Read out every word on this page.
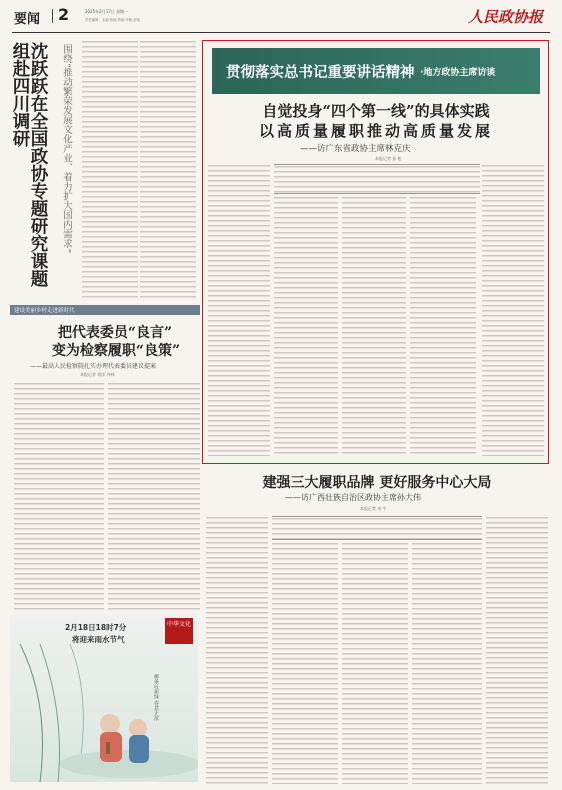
要闻 2	2025年2月17日 星期一
责任编辑：宋嘉 张晓 曾丽 乔敏 彭瑶	人民政协报
沈跃跃在全国政协专题研究课题组赴四川调研	围绕“推动繁荣发展文化产业、着力扩大国内需求”
建设美丽乡村走进新时代
把代表委员“良言”
变为检察履职“良策”
——最高人民检察院扎实办理代表委员建议提案
本报记者 刘洋 齐林
2月18日18时7分
将迎来雨水节气
中华文化
柳条吐新绿 春意正浓
贯彻落实总书记重要讲话精神 ·地方政协主席访谈
自觉投身“四个第一线”的具体实践
以高质量履职推动高质量发展
——访广东省政协主席林克庆
本报记者 孙 松
建强三大履职品牌 更好服务中心大局
——访广西壮族自治区政协主席孙大伟
本报记者 刘 平
